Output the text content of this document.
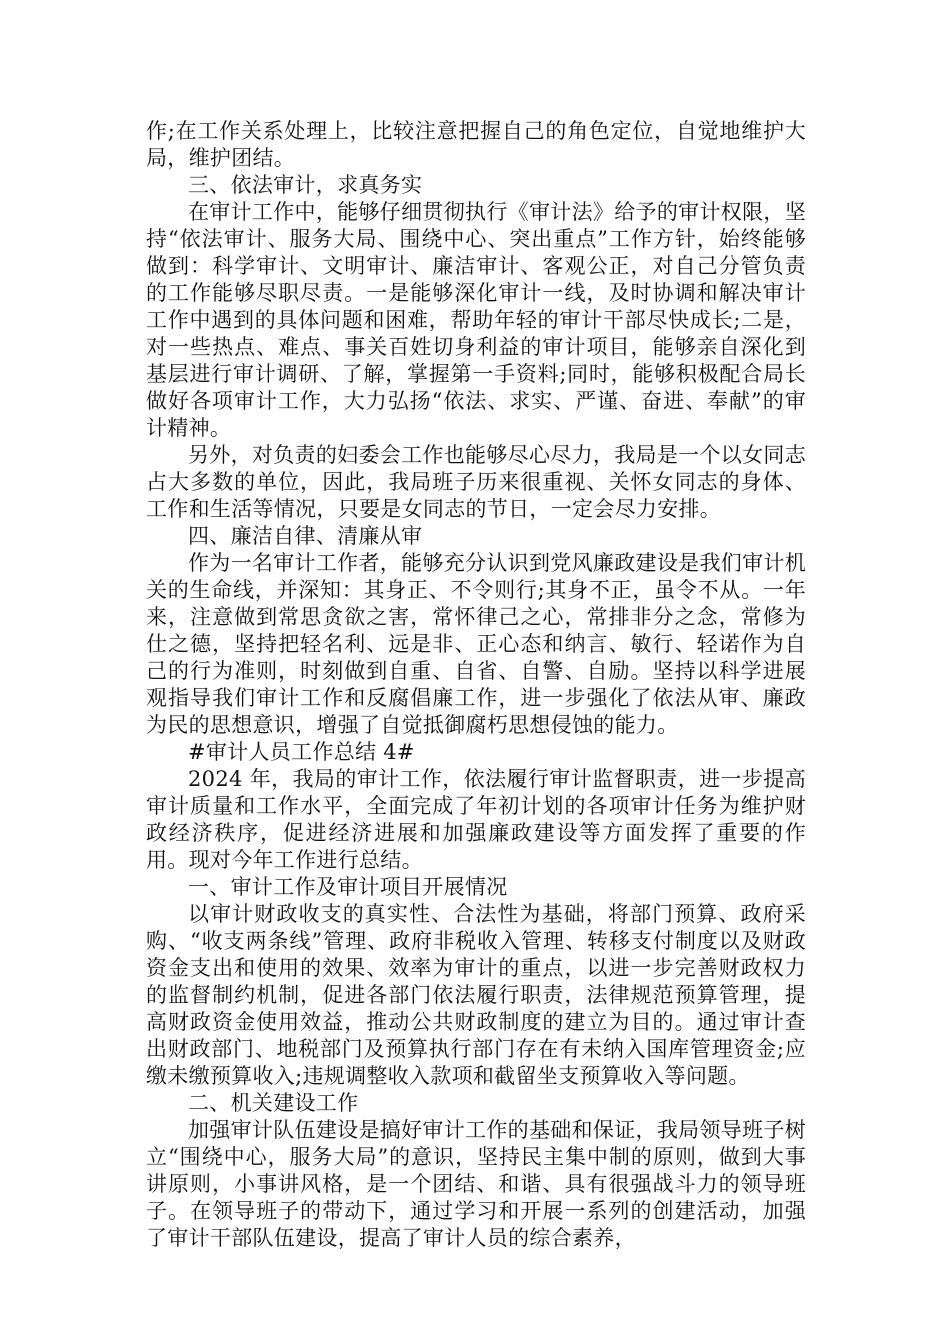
作;在工作关系处理上，比较注意把握自己的角色定位，自觉地维护大局，维护团结。

三、依法审计，求真务实

在审计工作中，能够仔细贯彻执行《审计法》给予的审计权限，坚持“依法审计、服务大局、围绕中心、突出重点”工作方针，始终能够做到：科学审计、文明审计、廉洁审计、客观公正，对自己分管负责的工作能够尽职尽责。一是能够深化审计一线，及时协调和解决审计工作中遇到的具体问题和困难，帮助年轻的审计干部尽快成长;二是，对一些热点、难点、事关百姓切身利益的审计项目，能够亲自深化到基层进行审计调研、了解，掌握第一手资料;同时，能够积极配合局长做好各项审计工作，大力弘扬“依法、求实、严谨、奋进、奉献”的审计精神。

另外，对负责的妇委会工作也能够尽心尽力，我局是一个以女同志占大多数的单位，因此，我局班子历来很重视、关怀女同志的身体、工作和生活等情况，只要是女同志的节日，一定会尽力安排。

四、廉洁自律、清廉从审

作为一名审计工作者，能够充分认识到党风廉政建设是我们审计机关的生命线，并深知：其身正、不令则行;其身不正，虽令不从。一年来，注意做到常思贪欲之害，常怀律己之心，常排非分之念，常修为仕之德，坚持把轻名利、远是非、正心态和纳言、敏行、轻诺作为自己的行为准则，时刻做到自重、自省、自警、自励。坚持以科学进展观指导我们审计工作和反腐倡廉工作，进一步强化了依法从审、廉政为民的思想意识，增强了自觉抵御腐朽思想侵蚀的能力。

#审计人员工作总结 4#

2024 年，我局的审计工作，依法履行审计监督职责，进一步提高审计质量和工作水平，全面完成了年初计划的各项审计任务为维护财政经济秩序，促进经济进展和加强廉政建设等方面发挥了重要的作用。现对今年工作进行总结。

一、审计工作及审计项目开展情况

以审计财政收支的真实性、合法性为基础，将部门预算、政府采购、“收支两条线”管理、政府非税收入管理、转移支付制度以及财政资金支出和使用的效果、效率为审计的重点，以进一步完善财政权力的监督制约机制，促进各部门依法履行职责，法律规范预算管理，提高财政资金使用效益，推动公共财政制度的建立为目的。通过审计查出财政部门、地税部门及预算执行部门存在有未纳入国库管理资金;应缴未缴预算收入;违规调整收入款项和截留坐支预算收入等问题。

二、机关建设工作

加强审计队伍建设是搞好审计工作的基础和保证，我局领导班子树立“围绕中心，服务大局”的意识，坚持民主集中制的原则，做到大事讲原则，小事讲风格，是一个团结、和谐、具有很强战斗力的领导班子。在领导班子的带动下，通过学习和开展一系列的创建活动，加强了审计干部队伍建设，提高了审计人员的综合素养，
